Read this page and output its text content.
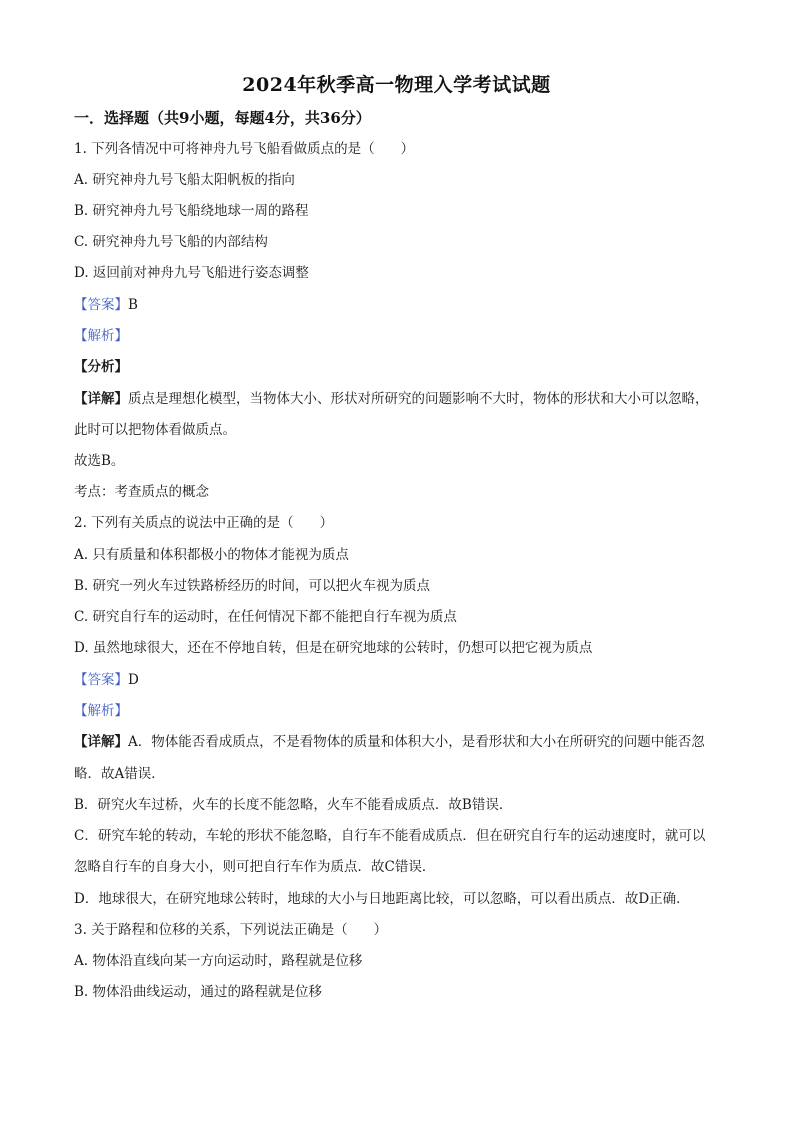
2024年秋季高一物理入学考试试题
一．选择题（共9小题，每题4分，共36分）
1. 下列各情况中可将神舟九号飞船看做质点的是（ ）
A. 研究神舟九号飞船太阳帆板的指向
B. 研究神舟九号飞船绕地球一周的路程
C. 研究神舟九号飞船的内部结构
D. 返回前对神舟九号飞船进行姿态调整
【答案】B
【解析】
【分析】
【详解】质点是理想化模型，当物体大小、形状对所研究的问题影响不大时，物体的形状和大小可以忽略，
此时可以把物体看做质点。
故选B。
考点：考查质点的概念
2. 下列有关质点的说法中正确的是（ ）
A. 只有质量和体积都极小的物体才能视为质点
B. 研究一列火车过铁路桥经历的时间，可以把火车视为质点
C. 研究自行车的运动时，在任何情况下都不能把自行车视为质点
D. 虽然地球很大，还在不停地自转，但是在研究地球的公转时，仍想可以把它视为质点
【答案】D
【解析】
【详解】A．物体能否看成质点，不是看物体的质量和体积大小，是看形状和大小在所研究的问题中能否忽
略．故A错误．
B．研究火车过桥，火车的长度不能忽略，火车不能看成质点．故B错误．
C．研究车轮的转动，车轮的形状不能忽略，自行车不能看成质点．但在研究自行车的运动速度时，就可以
忽略自行车的自身大小，则可把自行车作为质点．故C错误．
D．地球很大，在研究地球公转时，地球的大小与日地距离比较，可以忽略，可以看出质点．故D正确．
3. 关于路程和位移的关系，下列说法正确是（ ）
A. 物体沿直线向某一方向运动时，路程就是位移
B. 物体沿曲线运动，通过的路程就是位移
